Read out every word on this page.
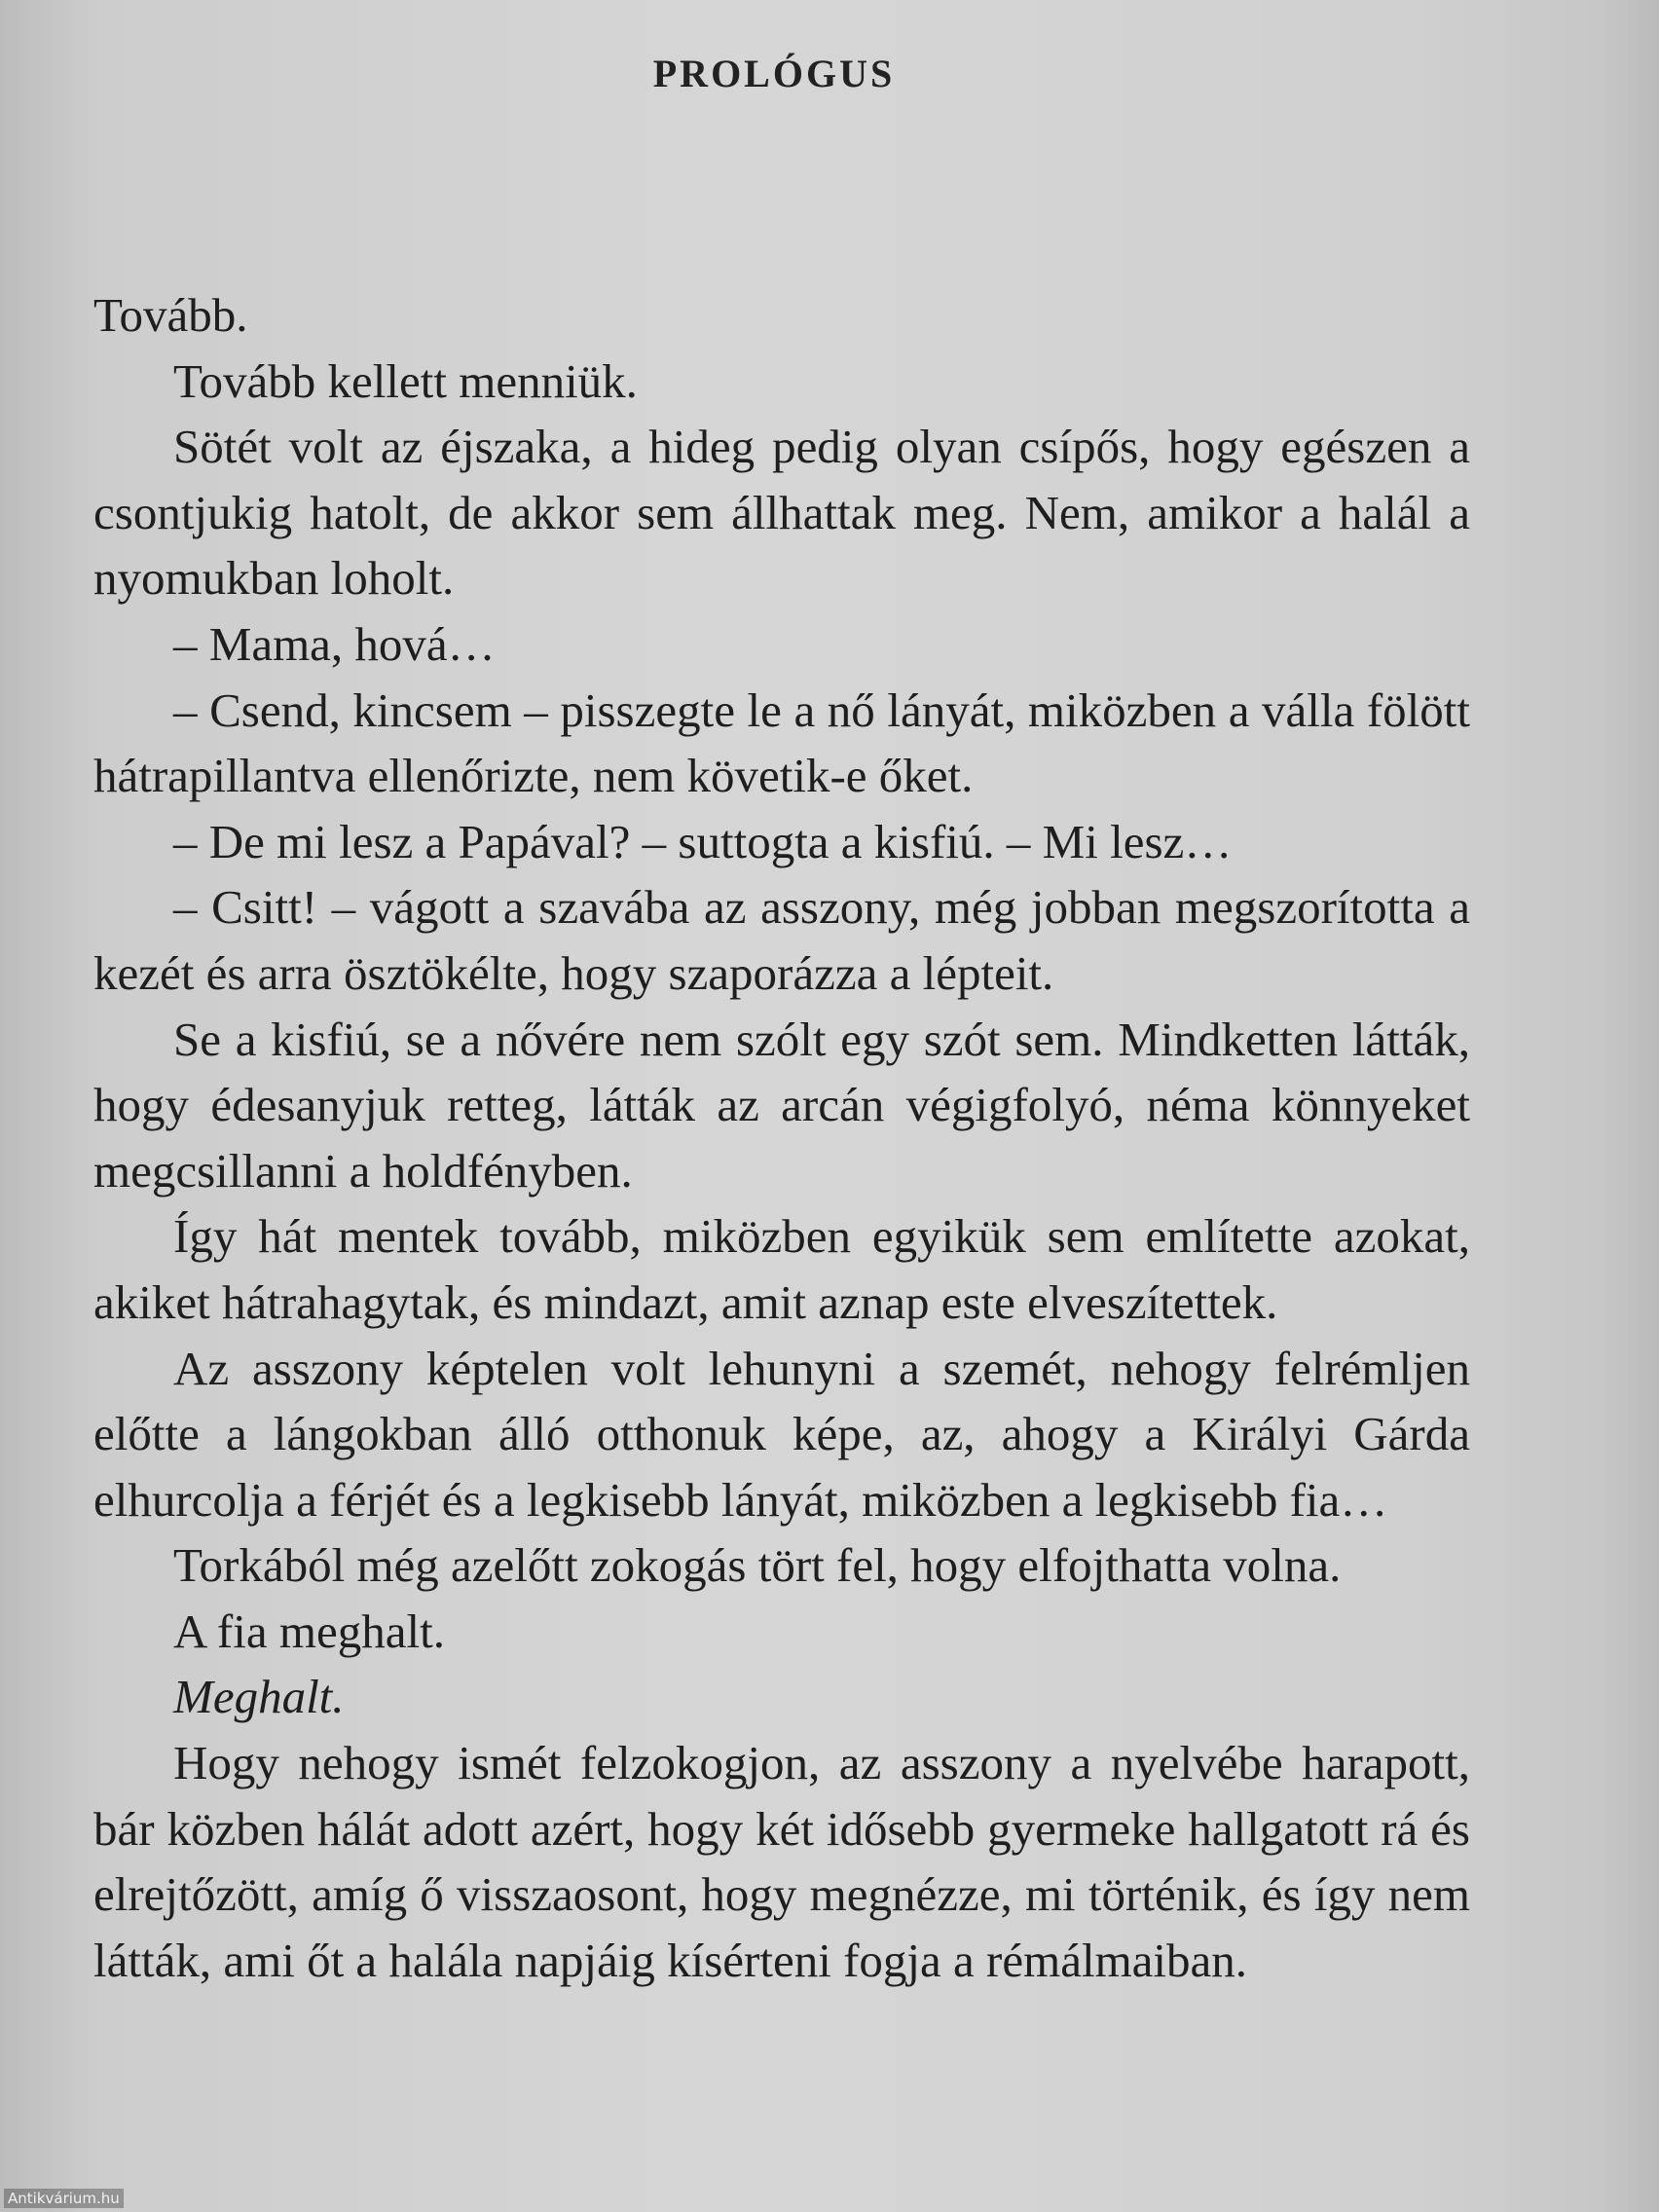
PROLÓGUS

Tovább.

Tovább kellett menniük.

Sötét volt az éjszaka, a hideg pedig olyan csípős, hogy egészen a csontjukig hatolt, de akkor sem állhattak meg. Nem, amikor a halál a nyomukban loholt.

– Mama, hová…

– Csend, kincsem – pisszegte le a nő lányát, miközben a válla fölött hátrapillantva ellenőrizte, nem követik-e őket.

– De mi lesz a Papával? – suttogta a kisfiú. – Mi lesz…

– Csitt! – vágott a szavába az asszony, még jobban megszorította a kezét és arra ösztökélte, hogy szaporázza a lépteit.

Se a kisfiú, se a nővére nem szólt egy szót sem. Mindketten látták, hogy édesanyjuk retteg, látták az arcán végigfolyó, néma könnyeket megcsillanni a holdfényben.

Így hát mentek tovább, miközben egyikük sem említette azokat, akiket hátrahagytak, és mindazt, amit aznap este elveszítettek.

Az asszony képtelen volt lehunyni a szemét, nehogy felrémljen előtte a lángokban álló otthonuk képe, az, ahogy a Királyi Gárda elhurcolja a férjét és a legkisebb lányát, miközben a legkisebb fia…

Torkából még azelőtt zokogás tört fel, hogy elfojthatta volna.

A fia meghalt.

Meghalt.

Hogy nehogy ismét felzokogjon, az asszony a nyelvébe harapott, bár közben hálát adott azért, hogy két idősebb gyermeke hallgatott rá és elrejtőzött, amíg ő visszaosont, hogy megnézze, mi történik, és így nem látták, ami őt a halála napjáig kísérteni fogja a rémálmaiban.

Antikvárium.hu
